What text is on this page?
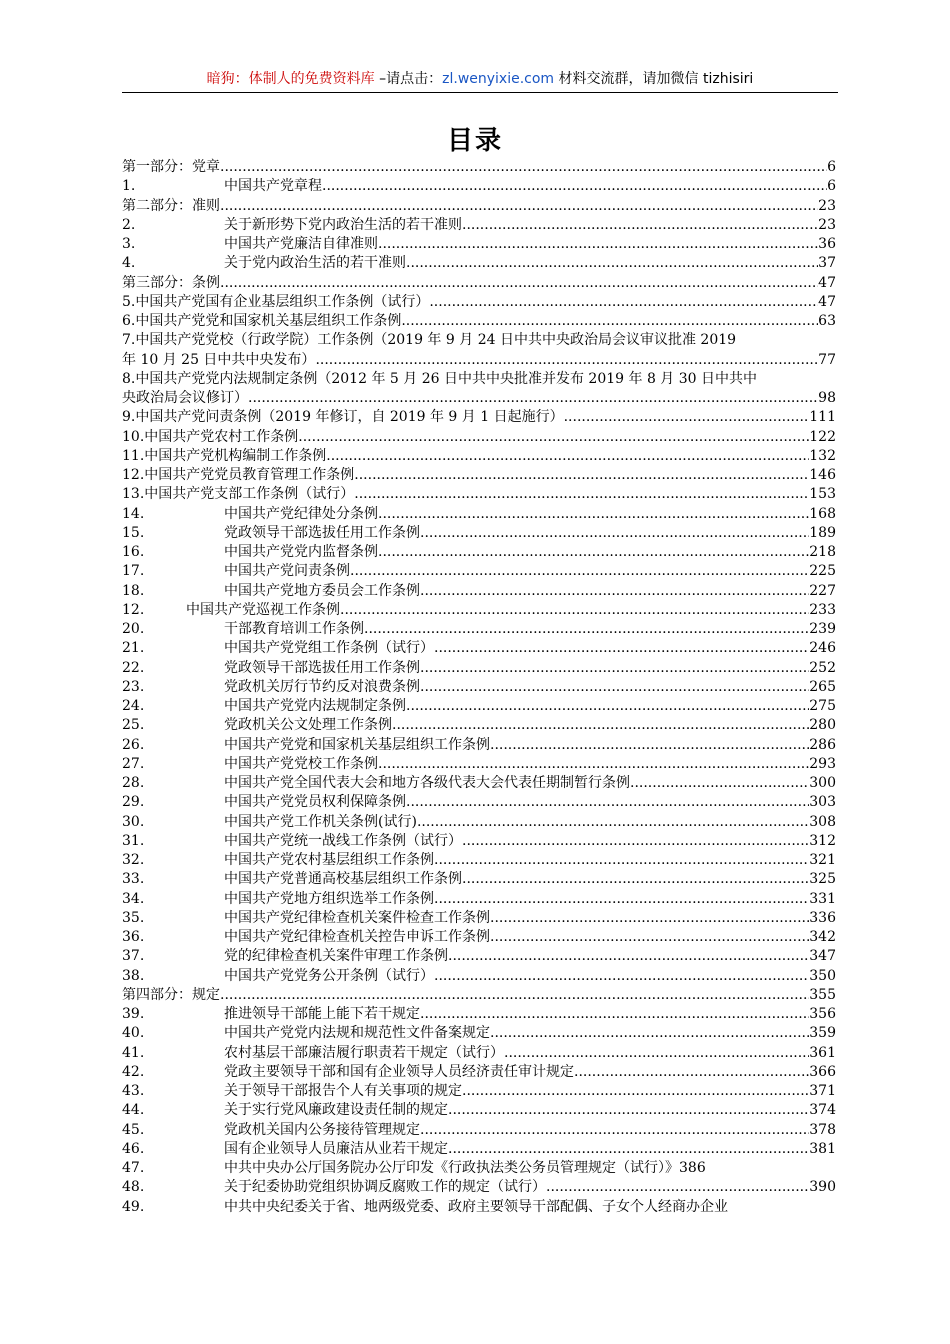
暗狗：体制人的免费资料库 –请点击：zl.wenyixie.com 材料交流群，请加微信 tizhisiri
目录
第一部分：党章 .....	6
1.	中国共产党章程 .....	6
第二部分：准则 .....	23
2.	关于新形势下党内政治生活的若干准则 .....	23
3.	中国共产党廉洁自律准则 .....	36
4.	关于党内政治生活的若干准则 .....	37
第三部分：条例 .....	47
5. 中国共产党国有企业基层组织工作条例（试行） .....	47
6. 中国共产党党和国家机关基层组织工作条例 .....	63
7. 中国共产党党校（行政学院）工作条例（2019 年 9 月 24 日中共中央政治局会议审议批准 2019
年 10 月 25 日中共中央发布） .....	77
8. 中国共产党党内法规制定条例（2012 年 5 月 26 日中共中央批准并发布 2019 年 8 月 30 日中共中
央政治局会议修订） .....	98
9. 中国共产党问责条例（2019 年修订，自 2019 年 9 月 1 日起施行） .....	111
10. 中国共产党农村工作条例 .....	122
11. 中国共产党机构编制工作条例 .....	132
12. 中国共产党党员教育管理工作条例 .....	146
13. 中国共产党支部工作条例（试行） .....	153
14.	中国共产党纪律处分条例 .....	168
15.	党政领导干部选拔任用工作条例 .....	189
16.	中国共产党党内监督条例 .....	218
17.	中国共产党问责条例 .....	225
18.	中国共产党地方委员会工作条例 .....	227
12.	中国共产党巡视工作条例 .....	233
20.	干部教育培训工作条例 .....	239
21.	中国共产党党组工作条例（试行） .....	246
22.	党政领导干部选拔任用工作条例 .....	252
23.	党政机关厉行节约反对浪费条例 .....	265
24.	中国共产党党内法规制定条例 .....	275
25.	党政机关公文处理工作条例 .....	280
26.	中国共产党党和国家机关基层组织工作条例 .....	286
27.	中国共产党党校工作条例 .....	293
28.	中国共产党全国代表大会和地方各级代表大会代表任期制暂行条例 .....	300
29.	中国共产党党员权利保障条例 .....	303
30.	中国共产党工作机关条例(试行) .....	308
31.	中国共产党统一战线工作条例（试行） .....	312
32.	中国共产党农村基层组织工作条例 .....	321
33.	中国共产党普通高校基层组织工作条例 .....	325
34.	中国共产党地方组织选举工作条例 .....	331
35.	中国共产党纪律检查机关案件检查工作条例 .....	336
36.	中国共产党纪律检查机关控告申诉工作条例 .....	342
37.	党的纪律检查机关案件审理工作条例 .....	347
38.	中国共产党党务公开条例（试行） .....	350
第四部分：规定 .....	355
39.	推进领导干部能上能下若干规定 .....	356
40.	中国共产党党内法规和规范性文件备案规定 .....	359
41.	农村基层干部廉洁履行职责若干规定（试行） .....	361
42.	党政主要领导干部和国有企业领导人员经济责任审计规定 .....	366
43.	关于领导干部报告个人有关事项的规定 .....	371
44.	关于实行党风廉政建设责任制的规定 .....	374
45.	党政机关国内公务接待管理规定 .....	378
46.	国有企业领导人员廉洁从业若干规定 .....	381
47.	中共中央办公厅国务院办公厅印发《行政执法类公务员管理规定（试行）》 386
48.	关于纪委协助党组织协调反腐败工作的规定（试行） .....	390
49.	中共中央纪委关于省、地两级党委、政府主要领导干部配偶、子女个人经商办企业
